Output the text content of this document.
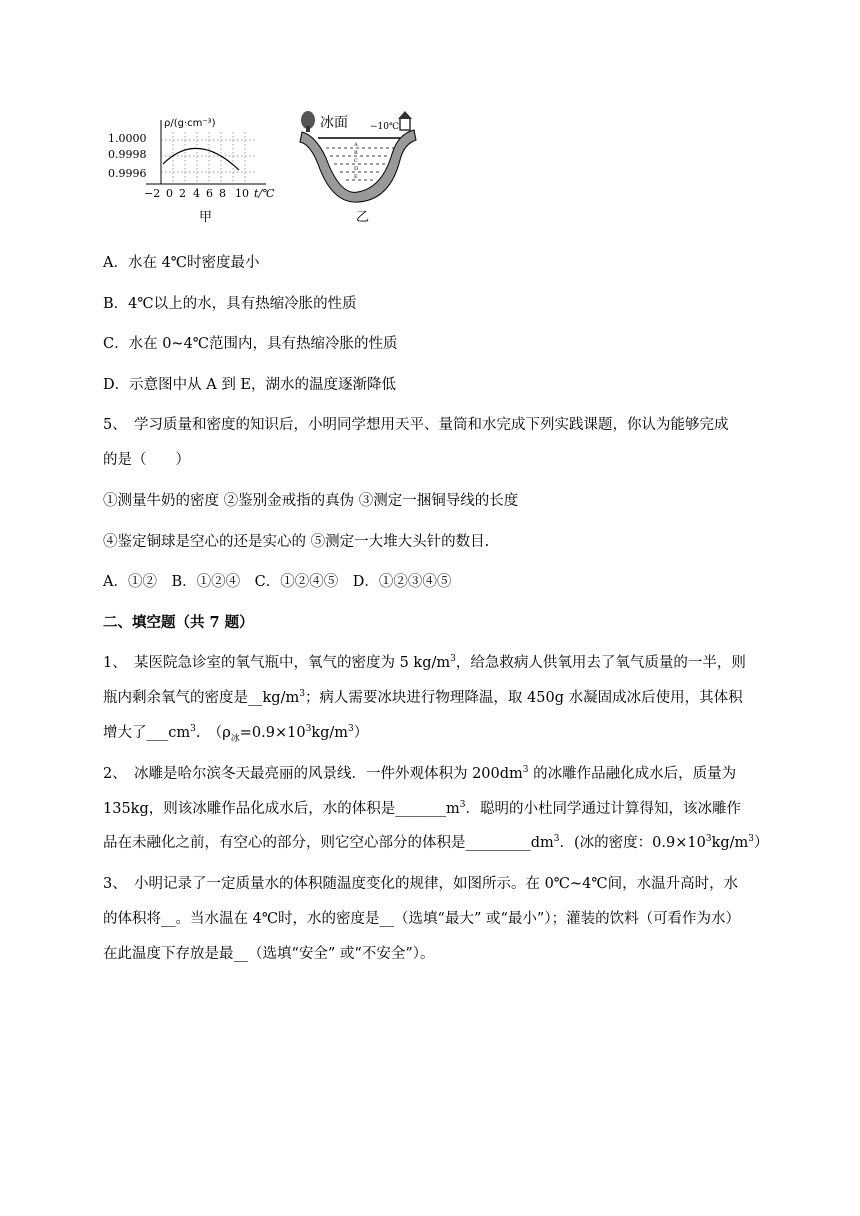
ρ/(g·cm⁻³)
1.0000
0.9998
0.9996
−2 0 2 4 6 8 10 t/℃
甲
A
B
C
D
E
冰面 −10℃
乙
A．水在 4℃时密度最小
B．4℃以上的水，具有热缩冷胀的性质
C．水在 0~4℃范围内，具有热缩冷胀的性质
D．示意图中从 A 到 E，湖水的温度逐渐降低
5、　学习质量和密度的知识后，小明同学想用天平、量筒和水完成下列实践课题，你认为能够完成
的是（　　）
①测量牛奶的密度 ②鉴别金戒指的真伪 ③测定一捆铜导线的长度
④鉴定铜球是空心的还是实心的 ⑤测定一大堆大头针的数目.
A．①②　B．①②④　C．①②④⑤　D．①②③④⑤
二、填空题（共 7 题）
1、　某医院急诊室的氧气瓶中，氧气的密度为 5 $kg/m^3$，给急救病人供氧用去了氧气质量的一半，则
瓶内剩余氧气的密度是$\_\_kg/m^3$；病人需要冰块进行物理降温，取 450g 水凝固成冰后使用，其体积
增大了$\_\_\_cm^3$.　$(\rho_冰=0.9\times 10^3kg/m^3)$
2、　冰雕是哈尔滨冬天最亮丽的风景线．一件外观体积为 $200dm^3$ 的冰雕作品融化成水后，质量为
135kg，则该冰雕作品化成水后，水的体积是$\_\_\_\_\_\_\_m^3$．聪明的小杜同学通过计算得知，该冰雕作
品在未融化之前，有空心的部分，则它空心部分的体积是$\_\_\_\_\_\_\_\_\_dm^3$．(冰的密度：$0.9\times 10^3kg/m^3$）
3、　小明记录了一定质量水的体积随温度变化的规律，如图所示。在 0℃~4℃间，水温升高时，水
的体积将__。当水温在 4℃时，水的密度是__（选填“最大” 或“最小”）；灌装的饮料（可看作为水）
在此温度下存放是最__（选填“安全” 或“不安全”）。
